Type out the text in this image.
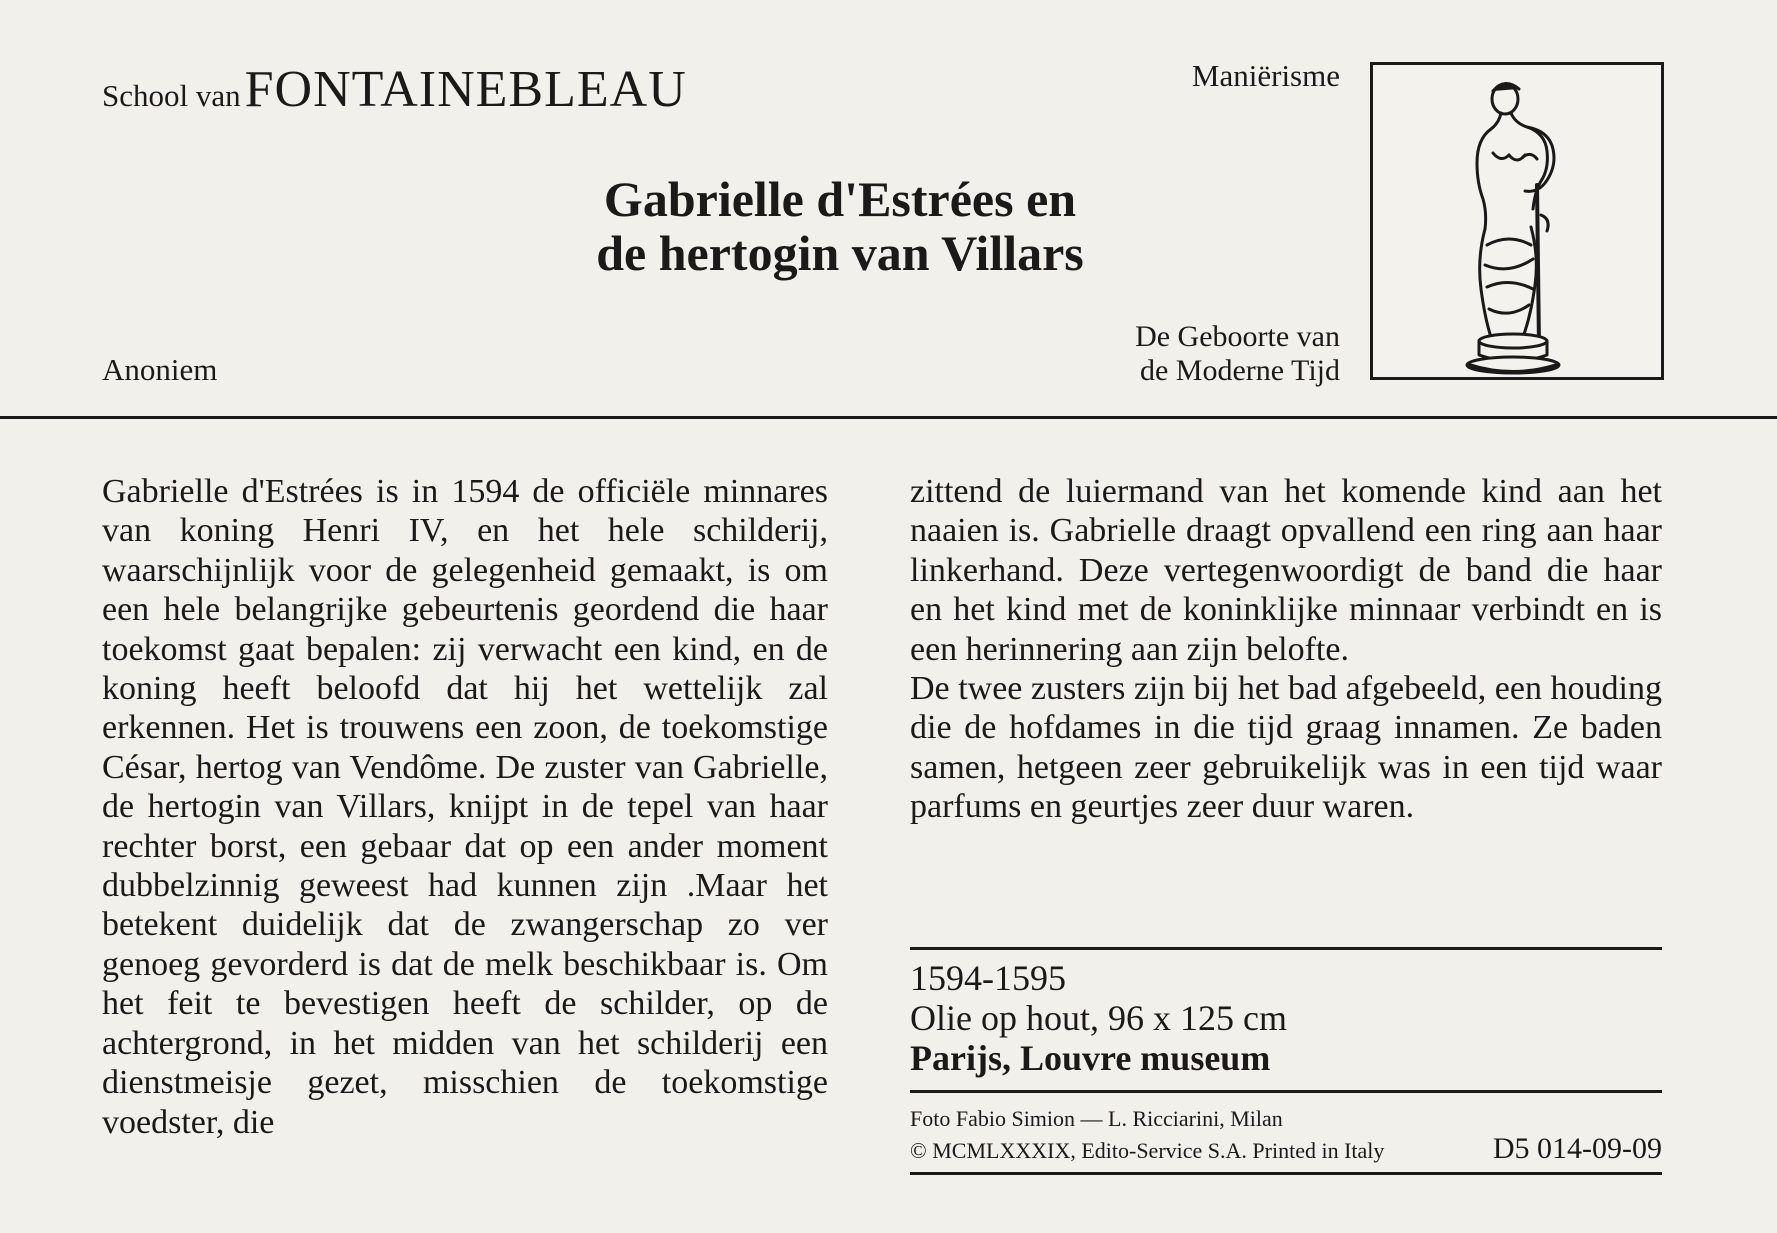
School van FONTAINEBLEAU	Maniërisme
Gabrielle d'Estrées en
de hertogin van Villars
Anoniem
De Geboorte van
de Moderne Tijd

Gabrielle d'Estrées is in 1594 de officiële minnares van koning Henri IV, en het hele schilderij, waarschijnlijk voor de gelegenheid gemaakt, is om een hele belangrijke gebeurtenis geordend die haar toekomst gaat bepalen: zij verwacht een kind, en de koning heeft beloofd dat hij het wettelijk zal erkennen. Het is trouwens een zoon, de toekomstige César, hertog van Vendôme. De zuster van Gabrielle, de hertogin van Villars, knijpt in de tepel van haar rechter borst, een gebaar dat op een ander moment dubbelzinnig geweest had kunnen zijn .Maar het betekent duidelijk dat de zwangerschap zo ver genoeg gevorderd is dat de melk beschikbaar is. Om het feit te bevestigen heeft de schilder, op de achtergrond, in het midden van het schilderij een dienstmeisje gezet, misschien de toekomstige voedster, die

zittend de luiermand van het komende kind aan het naaien is. Gabrielle draagt opvallend een ring aan haar linkerhand. Deze vertegenwoordigt de band die haar en het kind met de koninklijke minnaar verbindt en is een herinnering aan zijn belofte.

De twee zusters zijn bij het bad afgebeeld, een houding die de hofdames in die tijd graag innamen. Ze baden samen, hetgeen zeer gebruikelijk was in een tijd waar parfums en geurtjes zeer duur waren.

1594-1595
Olie op hout, 96 x 125 cm
Parijs, Louvre museum
Foto Fabio Simion — L. Ricciarini, Milan
© MCMLXXXIX, Edito-Service S.A. Printed in Italy	D5 014-09-09
